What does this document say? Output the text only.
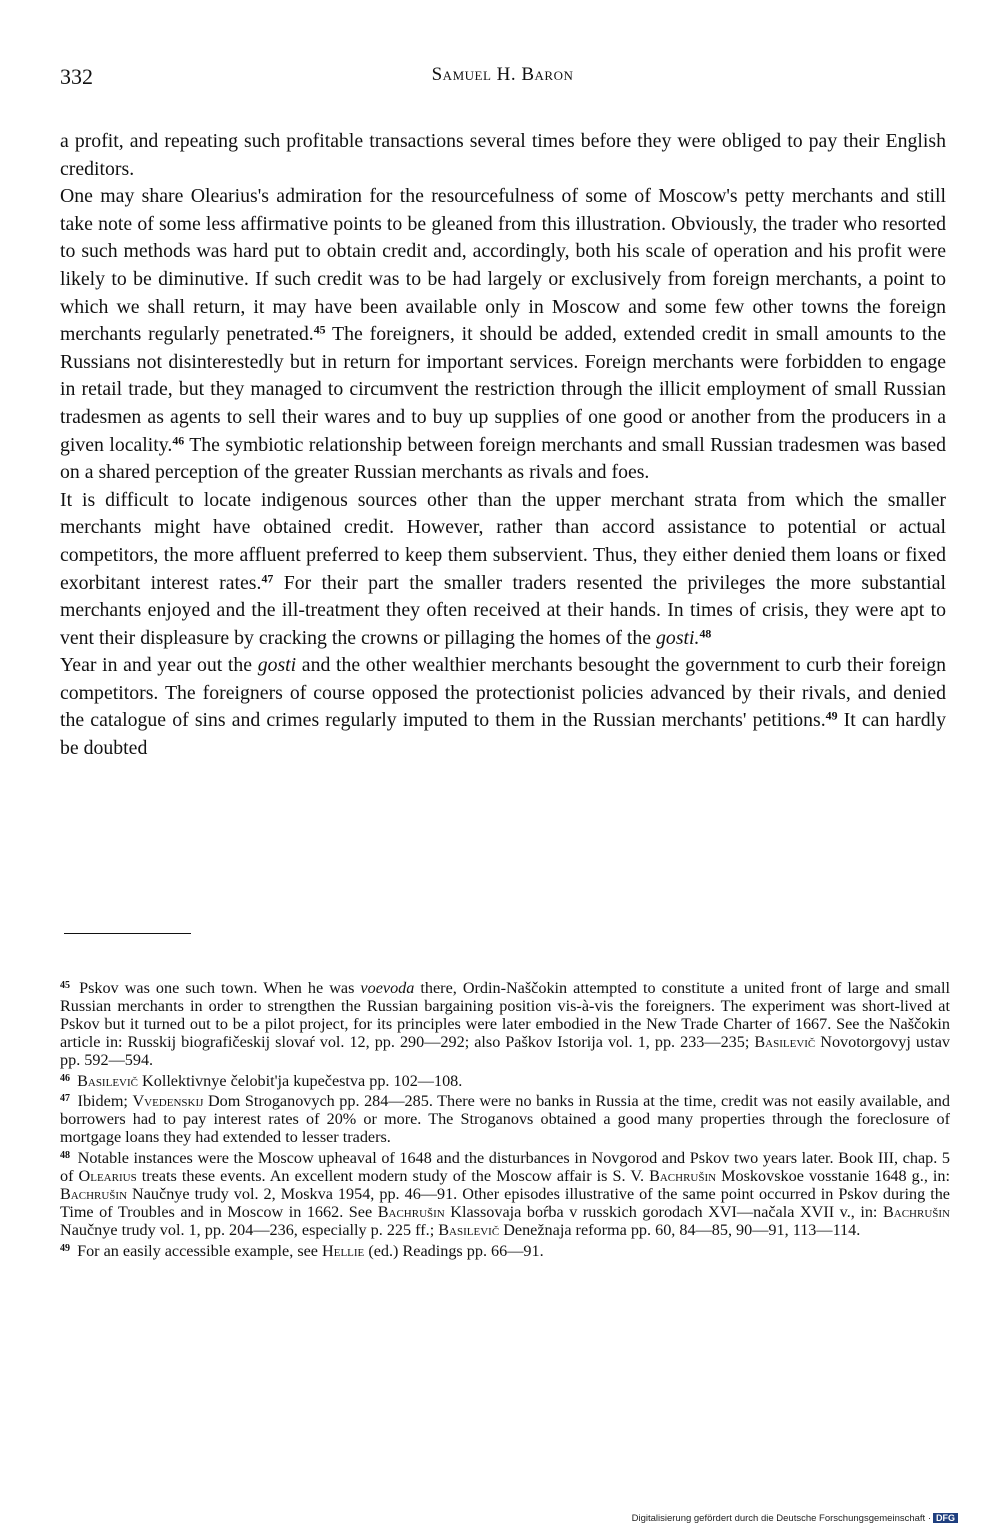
332	Samuel H. Baron

a profit, and repeating such profitable transactions several times before they were obliged to pay their English creditors.

One may share Olearius's admiration for the resourcefulness of some of Moscow's petty merchants and still take note of some less affirmative points to be gleaned from this illustration. Obviously, the trader who resorted to such methods was hard put to obtain credit and, accordingly, both his scale of operation and his profit were likely to be diminutive. If such credit was to be had largely or exclusively from foreign merchants, a point to which we shall return, it may have been available only in Moscow and some few other towns the foreign merchants regularly penetrated.$^{45}$ The foreigners, it should be added, extended credit in small amounts to the Russians not disinterestedly but in return for important services. Foreign merchants were forbidden to engage in retail trade, but they managed to circumvent the restriction through the illicit employment of small Russian tradesmen as agents to sell their wares and to buy up supplies of one good or another from the producers in a given locality.$^{46}$ The symbiotic relationship between foreign merchants and small Russian tradesmen was based on a shared perception of the greater Russian merchants as rivals and foes.

It is difficult to locate indigenous sources other than the upper merchant strata from which the smaller merchants might have obtained credit. However, rather than accord assistance to potential or actual competitors, the more affluent preferred to keep them subservient. Thus, they either denied them loans or fixed exorbitant interest rates.$^{47}$ For their part the smaller traders resented the privileges the more substantial merchants enjoyed and the ill-treatment they often received at their hands. In times of crisis, they were apt to vent their displeasure by cracking the crowns or pillaging the homes of the gosti.$^{48}$

Year in and year out the gosti and the other wealthier merchants besought the government to curb their foreign competitors. The foreigners of course opposed the protectionist policies advanced by their rivals, and denied the catalogue of sins and crimes regularly imputed to them in the Russian merchants' petitions.$^{49}$ It can hardly be doubted

$^{45}$ Pskov was one such town. When he was voevoda there, Ordin-Naščokin attempted to constitute a united front of large and small Russian merchants in order to strengthen the Russian bargaining position vis-à-vis the foreigners. The experiment was short-lived at Pskov but it turned out to be a pilot project, for its principles were later embodied in the New Trade Charter of 1667. See the Naščokin article in: Russkij biografičeskij slovaŕ vol. 12, pp. 290—292; also Paškov Istorija vol. 1, pp. 233—235; Basilevič Novotorgovyj ustav pp. 592—594.

$^{46}$ Basilevič Kollektivnye čelobit'ja kupečestva pp. 102—108.

$^{47}$ Ibidem; Vvedenskij Dom Stroganovych pp. 284—285. There were no banks in Russia at the time, credit was not easily available, and borrowers had to pay interest rates of 20% or more. The Stroganovs obtained a good many properties through the foreclosure of mortgage loans they had extended to lesser traders.

$^{48}$ Notable instances were the Moscow upheaval of 1648 and the disturbances in Novgorod and Pskov two years later. Book III, chap. 5 of Olearius treats these events. An excellent modern study of the Moscow affair is S. V. Bachrušin Moskovskoe vosstanie 1648 g., in: Bachrušin Naučnye trudy vol. 2, Moskva 1954, pp. 46—91. Other episodes illustrative of the same point occurred in Pskov during the Time of Troubles and in Moscow in 1662. See Bachrušin Klassovaja boŕba v russkich gorodach XVI—načala XVII v., in: Bachrušin Naučnye trudy vol. 1, pp. 204—236, especially p. 225 ff.; Basilevič Denežnaja reforma pp. 60, 84—85, 90—91, 113—114.

$^{49}$ For an easily accessible example, see Hellie (ed.) Readings pp. 66—91.

Digitalisierung gefördert durch die Deutsche Forschungsgemeinschaft · DFG
